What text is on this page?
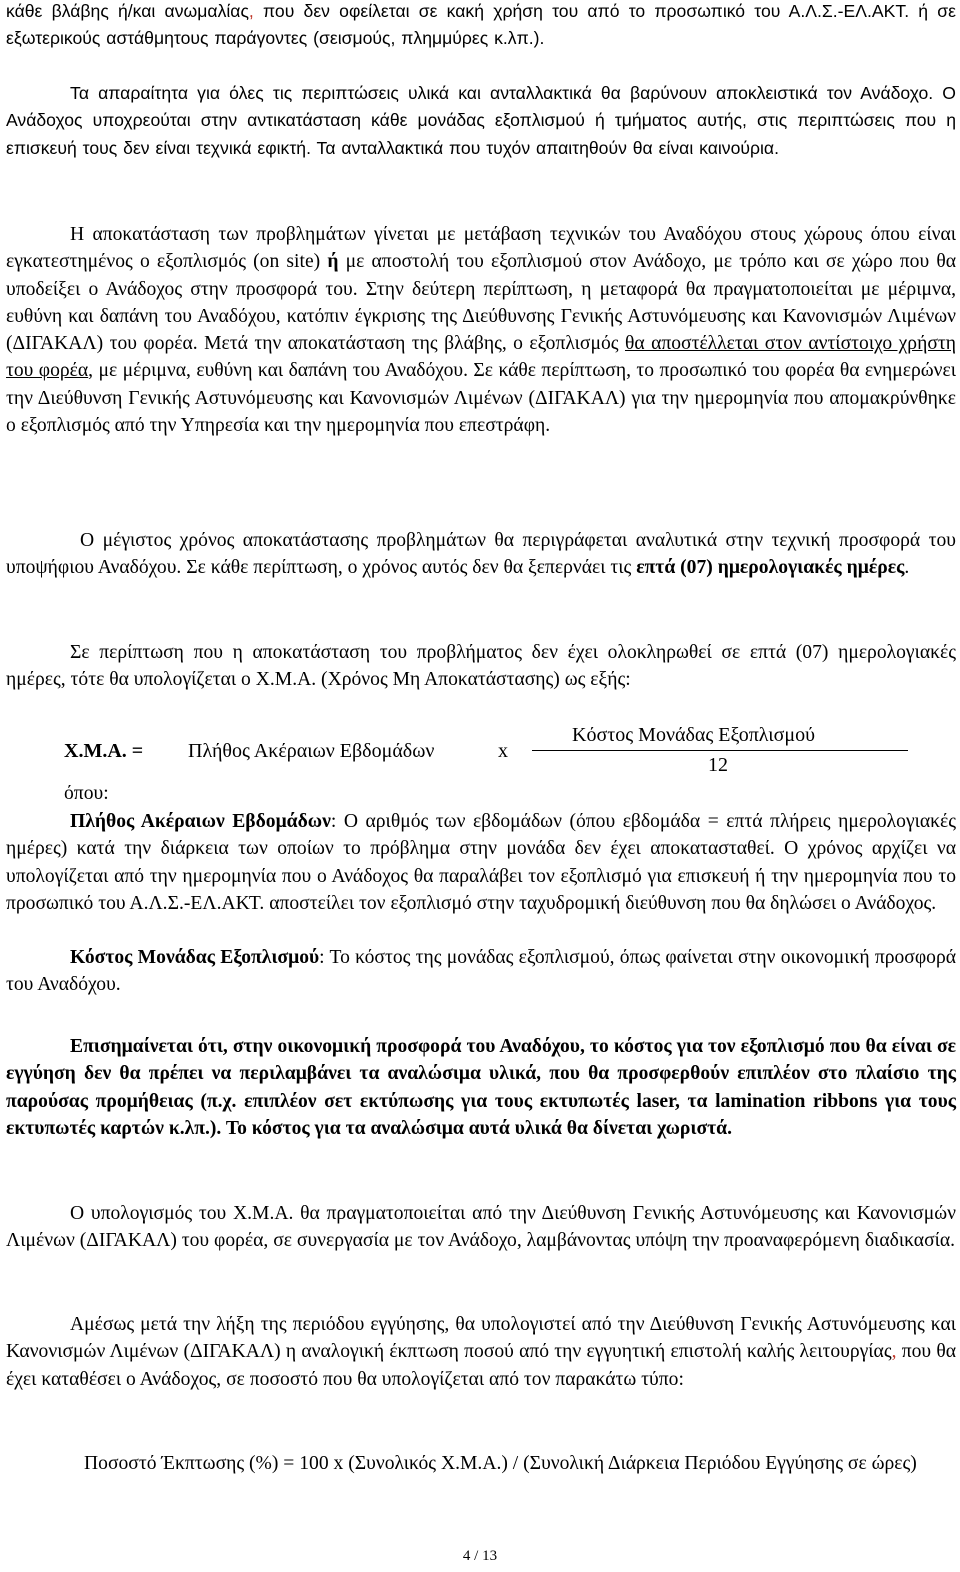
κάθε βλάβης ή/και ανωμαλίας, που δεν οφείλεται σε κακή χρήση του από το προσωπικό του Α.Λ.Σ.-ΕΛ.ΑΚΤ. ή σε εξωτερικούς αστάθμητους παράγοντες (σεισμούς, πλημμύρες κ.λπ.).

Τα απαραίτητα για όλες τις περιπτώσεις υλικά και ανταλλακτικά θα βαρύνουν αποκλειστικά τον Ανάδοχο. Ο Ανάδοχος υποχρεούται στην αντικατάσταση κάθε μονάδας εξοπλισμού ή τμήματος αυτής, στις περιπτώσεις που η επισκευή τους δεν είναι τεχνικά εφικτή. Τα ανταλλακτικά που τυχόν απαιτηθούν θα είναι καινούρια.

Η αποκατάσταση των προβλημάτων γίνεται με μετάβαση τεχνικών του Αναδόχου στους χώρους όπου είναι εγκατεστημένος ο εξοπλισμός (on site) ή με αποστολή του εξοπλισμού στον Ανάδοχο, με τρόπο και σε χώρο που θα υποδείξει ο Ανάδοχος στην προσφορά του. Στην δεύτερη περίπτωση, η μεταφορά θα πραγματοποιείται με μέριμνα, ευθύνη και δαπάνη του Αναδόχου, κατόπιν έγκρισης της Διεύθυνσης Γενικής Αστυνόμευσης και Κανονισμών Λιμένων (ΔΙΓΑΚΑΛ) του φορέα. Μετά την αποκατάσταση της βλάβης, ο εξοπλισμός θα αποστέλλεται στον αντίστοιχο χρήστη του φορέα, με μέριμνα, ευθύνη και δαπάνη του Αναδόχου. Σε κάθε περίπτωση, το προσωπικό του φορέα θα ενημερώνει την Διεύθυνση Γενικής Αστυνόμευσης και Κανονισμών Λιμένων (ΔΙΓΑΚΑΛ) για την ημερομηνία που απομακρύνθηκε ο εξοπλισμός από την Υπηρεσία και την ημερομηνία που επεστράφη.

Ο μέγιστος χρόνος αποκατάστασης προβλημάτων θα περιγράφεται αναλυτικά στην τεχνική προσφορά του υποψήφιου Αναδόχου. Σε κάθε περίπτωση, ο χρόνος αυτός δεν θα ξεπερνάει τις επτά (07) ημερολογιακές ημέρες.

Σε περίπτωση που η αποκατάσταση του προβλήματος δεν έχει ολοκληρωθεί σε επτά (07) ημερολογιακές ημέρες, τότε θα υπολογίζεται ο Χ.Μ.Α. (Χρόνος Μη Αποκατάστασης) ως εξής:

Χ.Μ.Α. = Πλήθος Ακέραιων Εβδομάδων	x
Κόστος Μονάδας Εξοπλισμού
12

όπου:

Πλήθος Ακέραιων Εβδομάδων: Ο αριθμός των εβδομάδων (όπου εβδομάδα = επτά πλήρεις ημερολογιακές ημέρες) κατά την διάρκεια των οποίων το πρόβλημα στην μονάδα δεν έχει αποκατασταθεί. Ο χρόνος αρχίζει να υπολογίζεται από την ημερομηνία που ο Ανάδοχος θα παραλάβει τον εξοπλισμό για επισκευή ή την ημερομηνία που το προσωπικό του Α.Λ.Σ.-ΕΛ.ΑΚΤ. αποστείλει τον εξοπλισμό στην ταχυδρομική διεύθυνση που θα δηλώσει ο Ανάδοχος.

Κόστος Μονάδας Εξοπλισμού: Το κόστος της μονάδας εξοπλισμού, όπως φαίνεται στην οικονομική προσφορά του Αναδόχου.

Επισημαίνεται ότι, στην οικονομική προσφορά του Αναδόχου, το κόστος για τον εξοπλισμό που θα είναι σε εγγύηση δεν θα πρέπει να περιλαμβάνει τα αναλώσιμα υλικά, που θα προσφερθούν επιπλέον στο πλαίσιο της παρούσας προμήθειας (π.χ. επιπλέον σετ εκτύπωσης για τους εκτυπωτές laser, τα lamination ribbons για τους εκτυπωτές καρτών κ.λπ.). Το κόστος για τα αναλώσιμα αυτά υλικά θα δίνεται χωριστά.

Ο υπολογισμός του Χ.Μ.Α. θα πραγματοποιείται από την Διεύθυνση Γενικής Αστυνόμευσης και Κανονισμών Λιμένων (ΔΙΓΑΚΑΛ) του φορέα, σε συνεργασία με τον Ανάδοχο, λαμβάνοντας υπόψη την προαναφερόμενη διαδικασία.

Αμέσως μετά την λήξη της περιόδου εγγύησης, θα υπολογιστεί από την Διεύθυνση Γενικής Αστυνόμευσης και Κανονισμών Λιμένων (ΔΙΓΑΚΑΛ) η αναλογική έκπτωση ποσού από την εγγυητική επιστολή καλής λειτουργίας, που θα έχει καταθέσει ο Ανάδοχος, σε ποσοστό που θα υπολογίζεται από τον παρακάτω τύπο:

Ποσοστό Έκπτωσης (%) = 100 x (Συνολικός Χ.Μ.Α.) / (Συνολική Διάρκεια Περιόδου Εγγύησης σε ώρες)

4 / 13
